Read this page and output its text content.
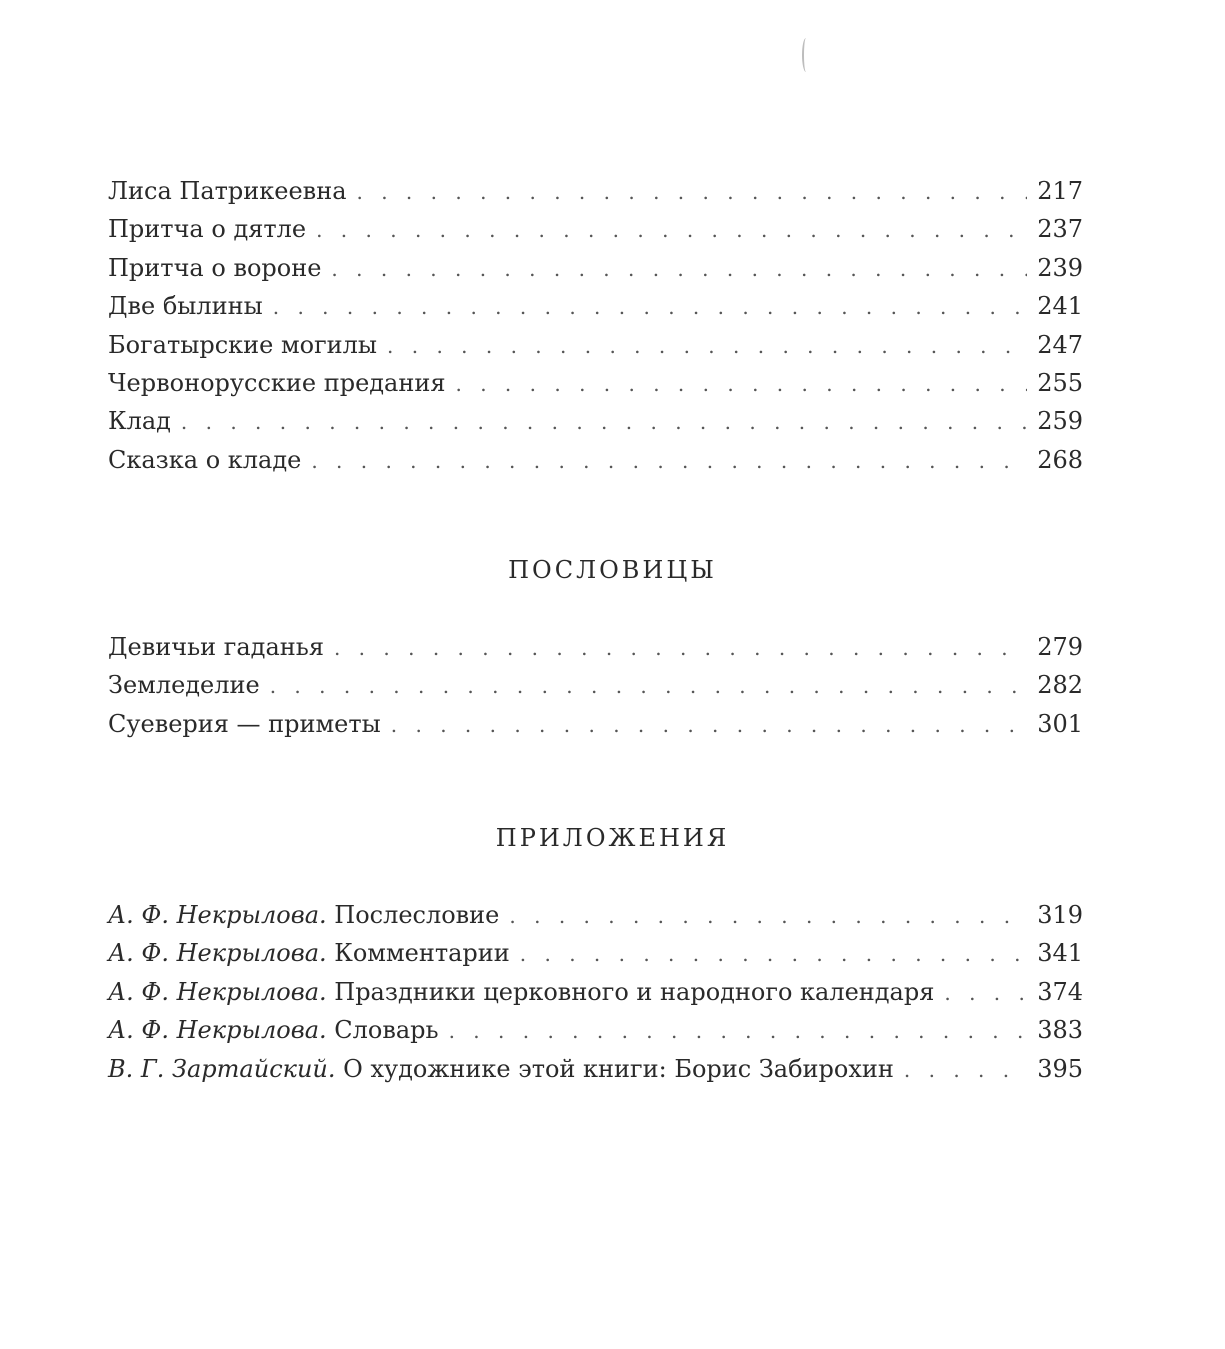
Лиса Патрикеевна . . .	217
Притча о дятле . . .	237
Притча о вороне . . .	239
Две былины . . .	241
Богатырские могилы . . .	247
Червонорусские предания . . .	255
Клад . . .	259
Сказка о кладе . . .	268
ПОСЛОВИЦЫ
Девичьи гаданья . . .	279
Земледелие . . .	282
Суеверия — приметы . . .	301
ПРИЛОЖЕНИЯ
А. Ф. Некрылова. Послесловие . . .	319
А. Ф. Некрылова. Комментарии . . .	341
А. Ф. Некрылова. Праздники церковного и народного календаря . . .	374
А. Ф. Некрылова. Словарь . . .	383
В. Г. Зартайский. О художнике этой книги: Борис Забирохин . . .	395
